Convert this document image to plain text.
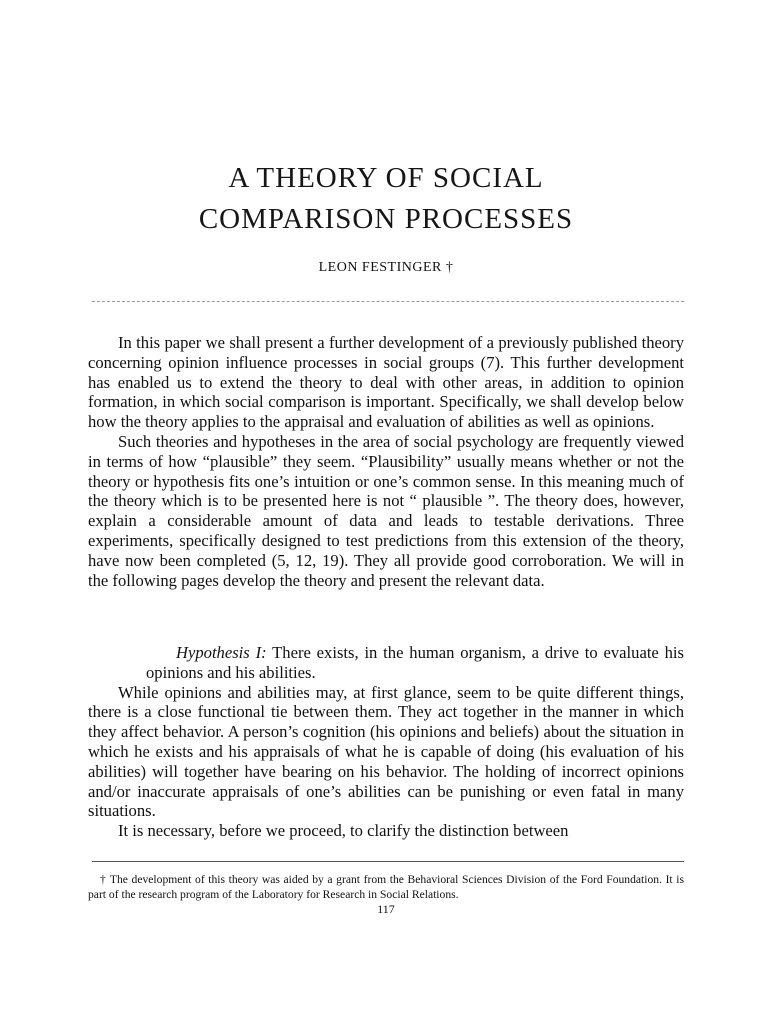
A THEORY OF SOCIAL
COMPARISON PROCESSES
LEON FESTINGER †

In this paper we shall present a further development of a previously published theory concerning opinion influence processes in social groups (7). This further development has enabled us to extend the theory to deal with other areas, in addition to opinion formation, in which social comparison is important. Specifically, we shall develop below how the theory applies to the appraisal and evaluation of abilities as well as opinions.

Such theories and hypotheses in the area of social psychology are frequently viewed in terms of how “plausible” they seem. “Plausibility” usually means whether or not the theory or hypothesis fits one’s intuition or one’s common sense. In this meaning much of the theory which is to be presented here is not “ plausible ”. The theory does, however, explain a considerable amount of data and leads to testable derivations. Three experiments, specifically designed to test predictions from this extension of the theory, have now been completed (5, 12, 19). They all provide good corroboration. We will in the following pages develop the theory and present the relevant data.

Hypothesis I: There exists, in the human organism, a drive to evaluate his opinions and his abilities.

While opinions and abilities may, at first glance, seem to be quite different things, there is a close functional tie between them. They act together in the manner in which they affect behavior. A person’s cognition (his opinions and beliefs) about the situation in which he exists and his appraisals of what he is capable of doing (his evaluation of his abilities) will together have bearing on his behavior. The holding of incorrect opinions and/or inaccurate appraisals of one’s abilities can be punishing or even fatal in many situations.

It is necessary, before we proceed, to clarify the distinction between

† The development of this theory was aided by a grant from the Behavioral Sciences Division of the Ford Foundation. It is part of the research program of the Laboratory for Research in Social Relations.

117
